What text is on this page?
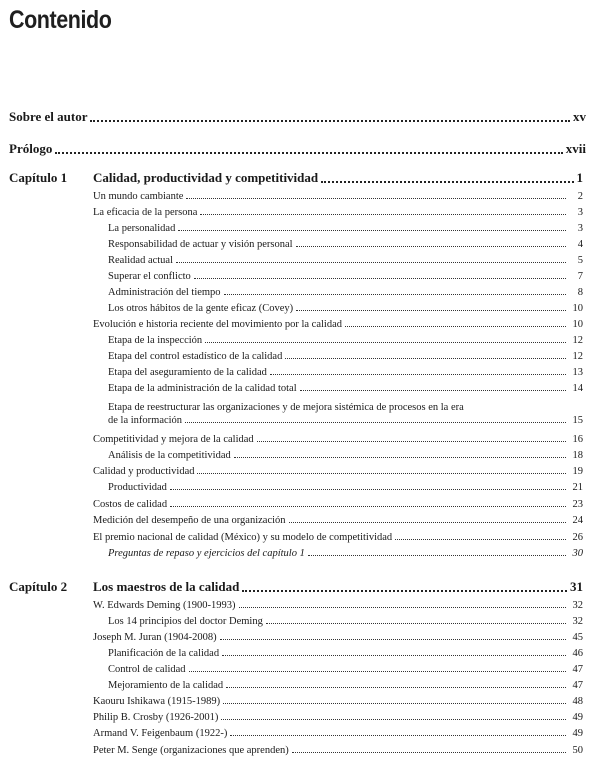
Contenido
Sobre el autor	xv
Prólogo	xvii
Capítulo 1 Calidad, productividad y competitividad	1
Un mundo cambiante	2
La eficacia de la persona	3
La personalidad	3
Responsabilidad de actuar y visión personal	4
Realidad actual	5
Superar el conflicto	7
Administración del tiempo	8
Los otros hábitos de la gente eficaz (Covey)	10
Evolución e historia reciente del movimiento por la calidad	10
Etapa de la inspección	12
Etapa del control estadístico de la calidad	12
Etapa del aseguramiento de la calidad	13
Etapa de la administración de la calidad total	14
Etapa de reestructurar las organizaciones y de mejora sistémica de procesos en la era
de la información	15
Competitividad y mejora de la calidad	16
Análisis de la competitividad	18
Calidad y productividad	19
Productividad	21
Costos de calidad	23
Medición del desempeño de una organización	24
El premio nacional de calidad (México) y su modelo de competitividad	26
Preguntas de repaso y ejercicios del capítulo 1	30
Capítulo 2 Los maestros de la calidad	31
W. Edwards Deming (1900-1993)	32
Los 14 principios del doctor Deming	32
Joseph M. Juran (1904-2008)	45
Planificación de la calidad	46
Control de calidad	47
Mejoramiento de la calidad	47
Kaouru Ishikawa (1915-1989)	48
Philip B. Crosby (1926-2001)	49
Armand V. Feigenbaum (1922-)	49
Peter M. Senge (organizaciones que aprenden)	50
